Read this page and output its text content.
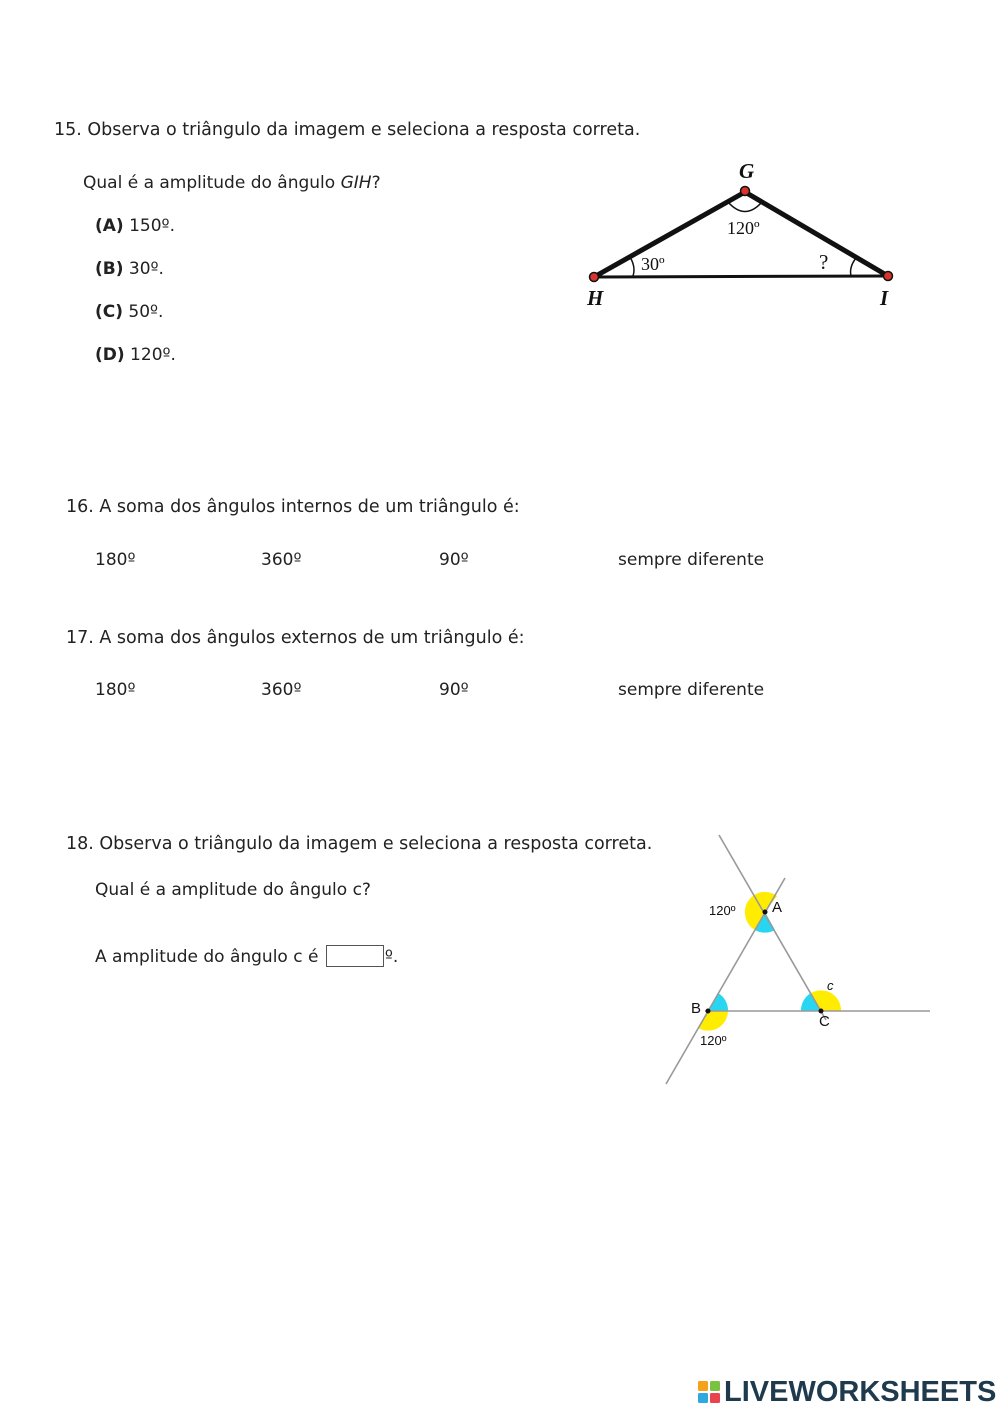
15. Observa o triângulo da imagem e seleciona a resposta correta.
Qual é a amplitude do ângulo GIH?
(A) 150º.
(B) 30º.
(C) 50º.
(D) 120º.
G
H	I
120º
30º	?
16. A soma dos ângulos internos de um triângulo é:
180º	360º	90º	sempre diferente
17. A soma dos ângulos externos de um triângulo é:
180º	360º	90º	sempre diferente
18. Observa o triângulo da imagem e seleciona a resposta correta.
Qual é a amplitude do ângulo c?
A amplitude do ângulo c é	º.
A
B
C
120º
120º
c
LIVEWORKSHEETS
